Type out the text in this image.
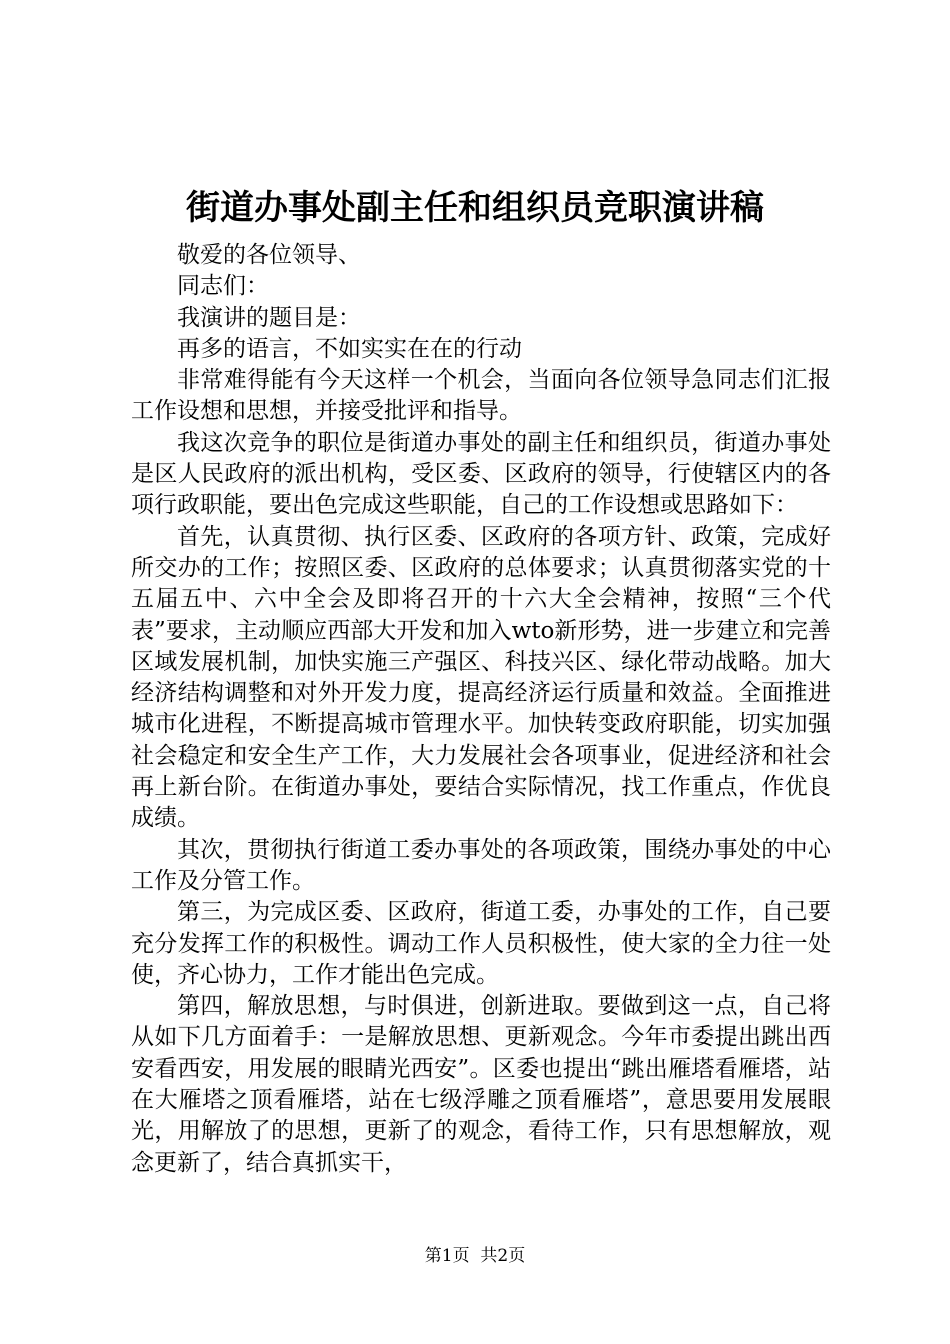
街道办事处副主任和组织员竞职演讲稿

敬爱的各位领导、

同志们：

我演讲的题目是：

再多的语言，不如实实在在的行动

非常难得能有今天这样一个机会，当面向各位领导急同志们汇报工作设想和思想，并接受批评和指导。

我这次竞争的职位是街道办事处的副主任和组织员，街道办事处是区人民政府的派出机构，受区委、区政府的领导，行使辖区内的各项行政职能，要出色完成这些职能，自己的工作设想或思路如下：

首先，认真贯彻、执行区委、区政府的各项方针、政策，完成好所交办的工作；按照区委、区政府的总体要求；认真贯彻落实党的十五届五中、六中全会及即将召开的十六大全会精神，按照“三个代表”要求，主动顺应西部大开发和加入wto新形势，进一步建立和完善区域发展机制，加快实施三产强区、科技兴区、绿化带动战略。加大经济结构调整和对外开发力度，提高经济运行质量和效益。全面推进城市化进程，不断提高城市管理水平。加快转变政府职能，切实加强社会稳定和安全生产工作，大力发展社会各项事业，促进经济和社会再上新台阶。在街道办事处，要结合实际情况，找工作重点，作优良成绩。

其次，贯彻执行街道工委办事处的各项政策，围绕办事处的中心工作及分管工作。

第三，为完成区委、区政府，街道工委，办事处的工作，自己要充分发挥工作的积极性。调动工作人员积极性，使大家的全力往一处使，齐心协力，工作才能出色完成。

第四，解放思想，与时俱进，创新进取。要做到这一点，自己将从如下几方面着手：一是解放思想、更新观念。今年市委提出跳出西安看西安，用发展的眼睛光西安”。区委也提出“跳出雁塔看雁塔，站在大雁塔之顶看雁塔，站在七级浮雕之顶看雁塔”，意思要用发展眼光，用解放了的思想，更新了的观念，看待工作，只有思想解放，观念更新了，结合真抓实干，

第1页 共2页
